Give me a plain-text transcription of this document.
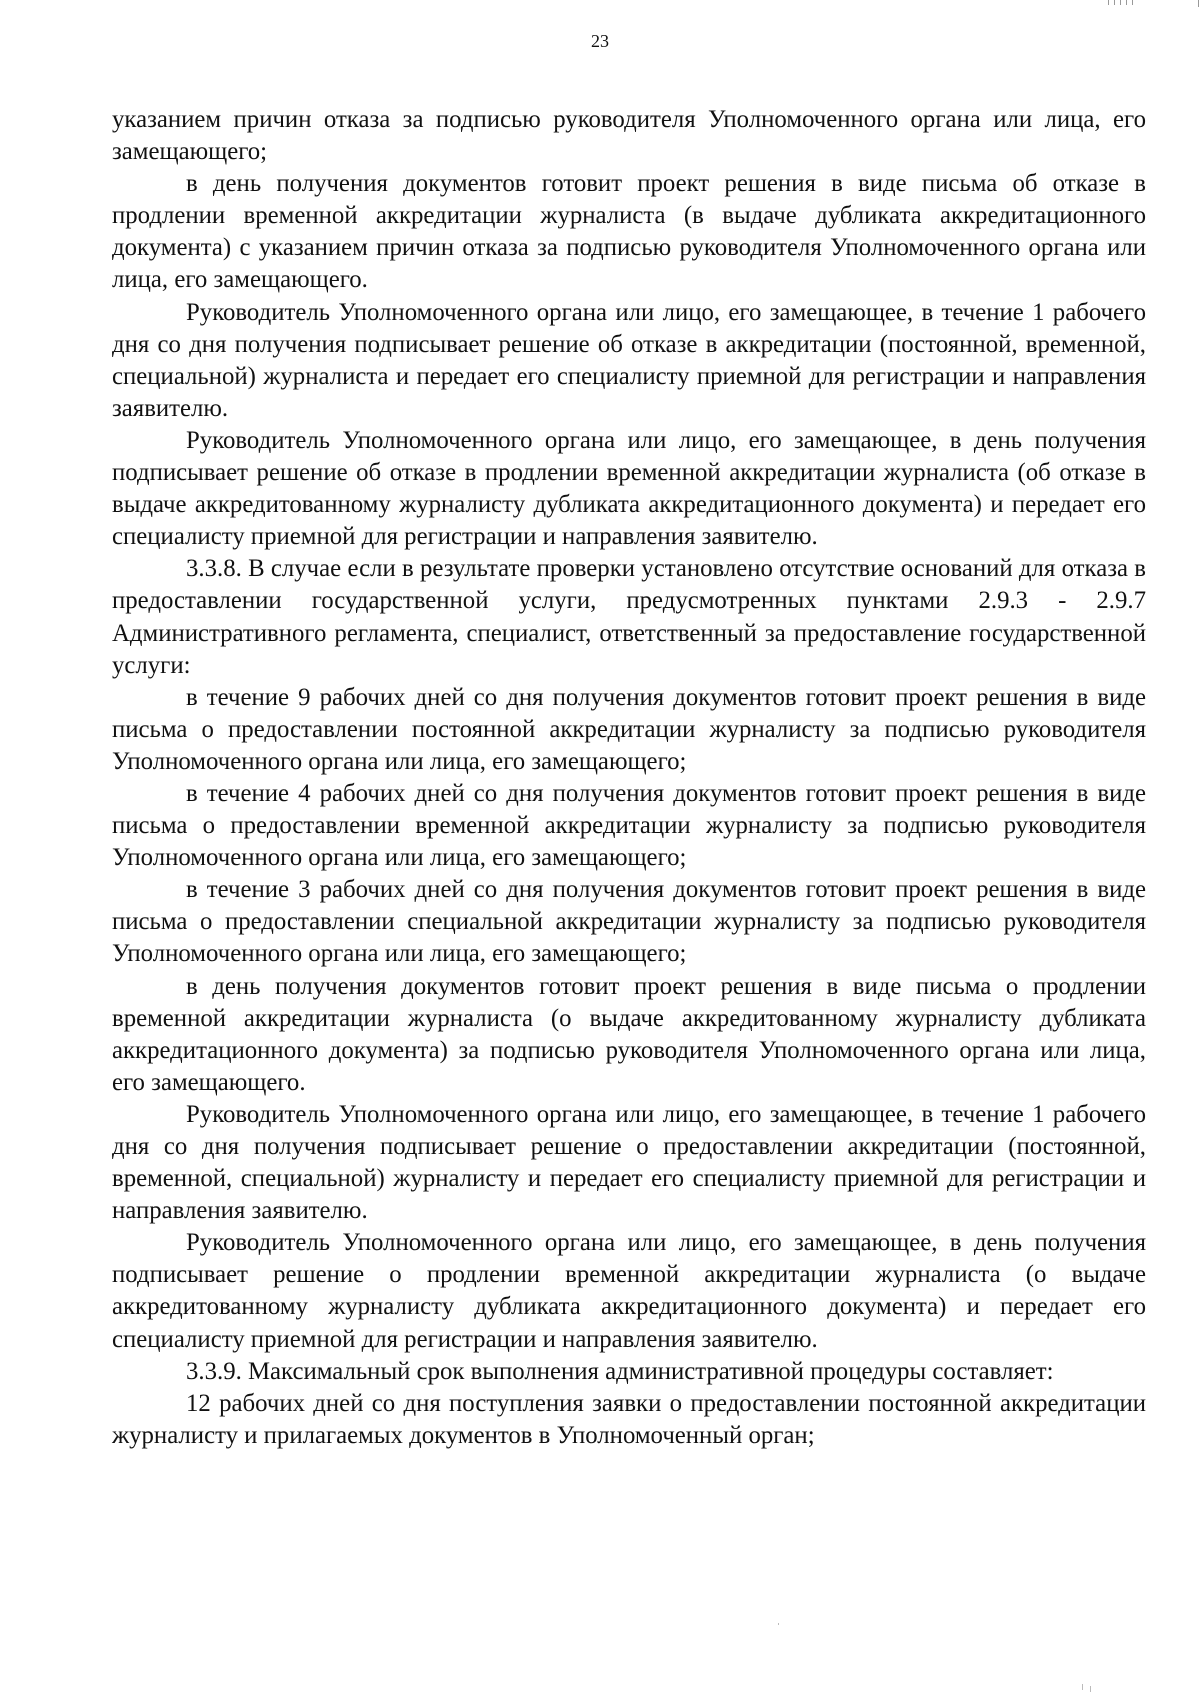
23

указанием причин отказа за подписью руководителя Уполномоченного органа или лица, его замещающего;

в день получения документов готовит проект решения в виде письма об отказе в продлении временной аккредитации журналиста (в выдаче дубликата аккредитационного документа) с указанием причин отказа за подписью руководителя Уполномоченного органа или лица, его замещающего.

Руководитель Уполномоченного органа или лицо, его замещающее, в течение 1 рабочего дня со дня получения подписывает решение об отказе в аккредитации (постоянной, временной, специальной) журналиста и передает его специалисту приемной для регистрации и направления заявителю.

Руководитель Уполномоченного органа или лицо, его замещающее, в день получения подписывает решение об отказе в продлении временной аккредитации журналиста (об отказе в выдаче аккредитованному журналисту дубликата аккредитационного документа) и передает его специалисту приемной для регистрации и направления заявителю.

3.3.8. В случае если в результате проверки установлено отсутствие оснований для отказа в предоставлении государственной услуги, предусмотренных пунктами 2.9.3 - 2.9.7 Административного регламента, специалист, ответственный за предоставление государственной услуги:

в течение 9 рабочих дней со дня получения документов готовит проект решения в виде письма о предоставлении постоянной аккредитации журналисту за подписью руководителя Уполномоченного органа или лица, его замещающего;

в течение 4 рабочих дней со дня получения документов готовит проект решения в виде письма о предоставлении временной аккредитации журналисту за подписью руководителя Уполномоченного органа или лица, его замещающего;

в течение 3 рабочих дней со дня получения документов готовит проект решения в виде письма о предоставлении специальной аккредитации журналисту за подписью руководителя Уполномоченного органа или лица, его замещающего;

в день получения документов готовит проект решения в виде письма о продлении временной аккредитации журналиста (о выдаче аккредитованному журналисту дубликата аккредитационного документа) за подписью руководителя Уполномоченного органа или лица, его замещающего.

Руководитель Уполномоченного органа или лицо, его замещающее, в течение 1 рабочего дня со дня получения подписывает решение о предоставлении аккредитации (постоянной, временной, специальной) журналисту и передает его специалисту приемной для регистрации и направления заявителю.

Руководитель Уполномоченного органа или лицо, его замещающее, в день получения подписывает решение о продлении временной аккредитации журналиста (о выдаче аккредитованному журналисту дубликата аккредитационного документа) и передает его специалисту приемной для регистрации и направления заявителю.

3.3.9. Максимальный срок выполнения административной процедуры составляет:

12 рабочих дней со дня поступления заявки о предоставлении постоянной аккредитации журналисту и прилагаемых документов в Уполномоченный орган;
